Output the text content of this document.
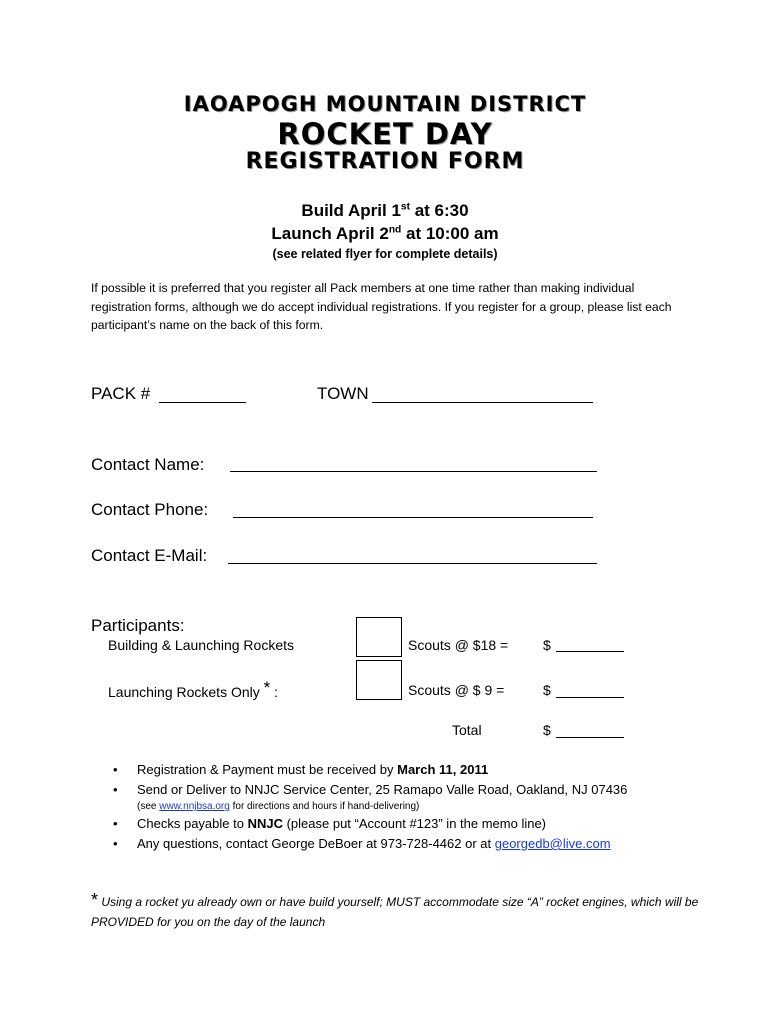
IAOAPOGH MOUNTAIN DISTRICT
ROCKET DAY
REGISTRATION FORM
Build April 1st at 6:30
Launch April 2nd at 10:00 am
(see related flyer for complete details)
If possible it is preferred that you register all Pack members at one time rather than making individual registration forms, although we do accept individual registrations. If you register for a group, please list each participant’s name on the back of this form.
PACK #	TOWN
Contact Name:
Contact Phone:
Contact E-Mail:
Participants:
Building & Launching Rockets	Scouts @ $18 = $
Launching Rockets Only * :	Scouts @ $ 9 =	$
Total	$
• Registration & Payment must be received by March 11, 2011
• Send or Deliver to NNJC Service Center, 25 Ramapo Valle Road, Oakland, NJ 07436
(see www.nnjbsa.org for directions and hours if hand-delivering)
• Checks payable to NNJC (please put “Account #123” in the memo line)
• Any questions, contact George DeBoer at 973-728-4462 or at georgedb@live.com
* Using a rocket yu already own or have build yourself; MUST accommodate size “A” rocket engines, which will be PROVIDED for you on the day of the launch
